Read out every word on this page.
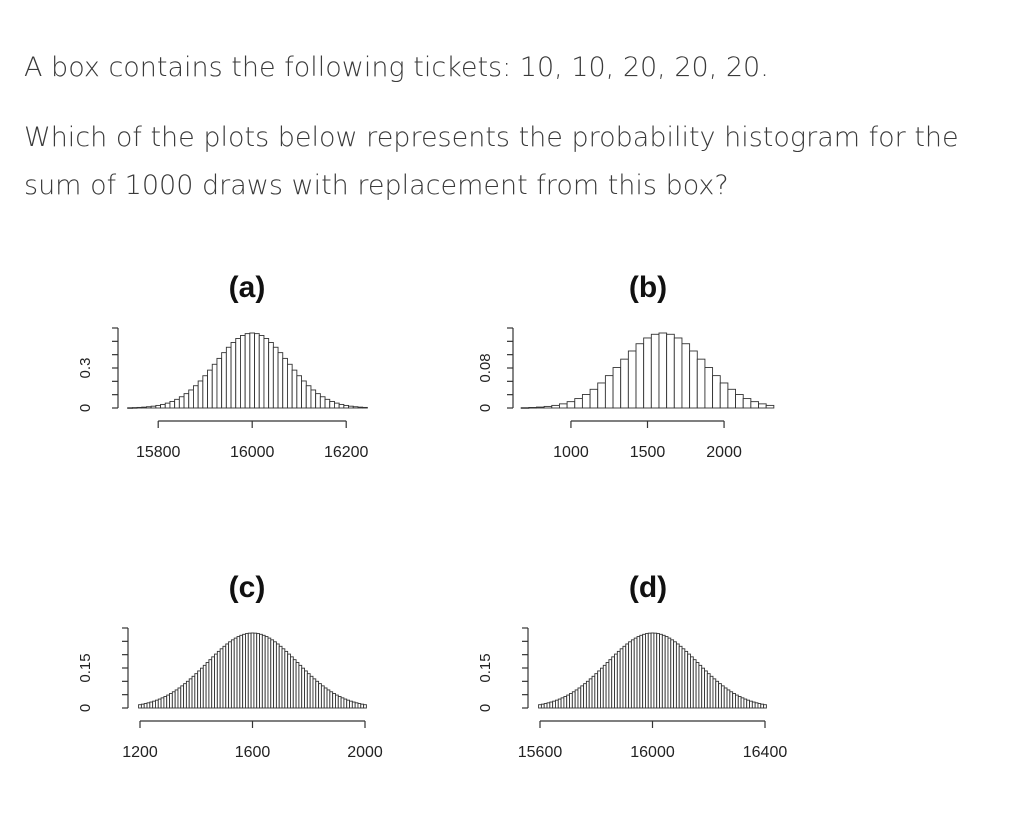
A box contains the following tickets: 10, 10, 20, 20, 20.

Which of the plots below represents the probability histogram for the sum of 1000 draws with replacement from this box?

15800	16000	16200
0
0.3
(a)
1000	1500	2000
0
0.08
(b)
1200	1600	2000
0
0.15
(c)
15600	16000	16400
0
0.15
(d)
